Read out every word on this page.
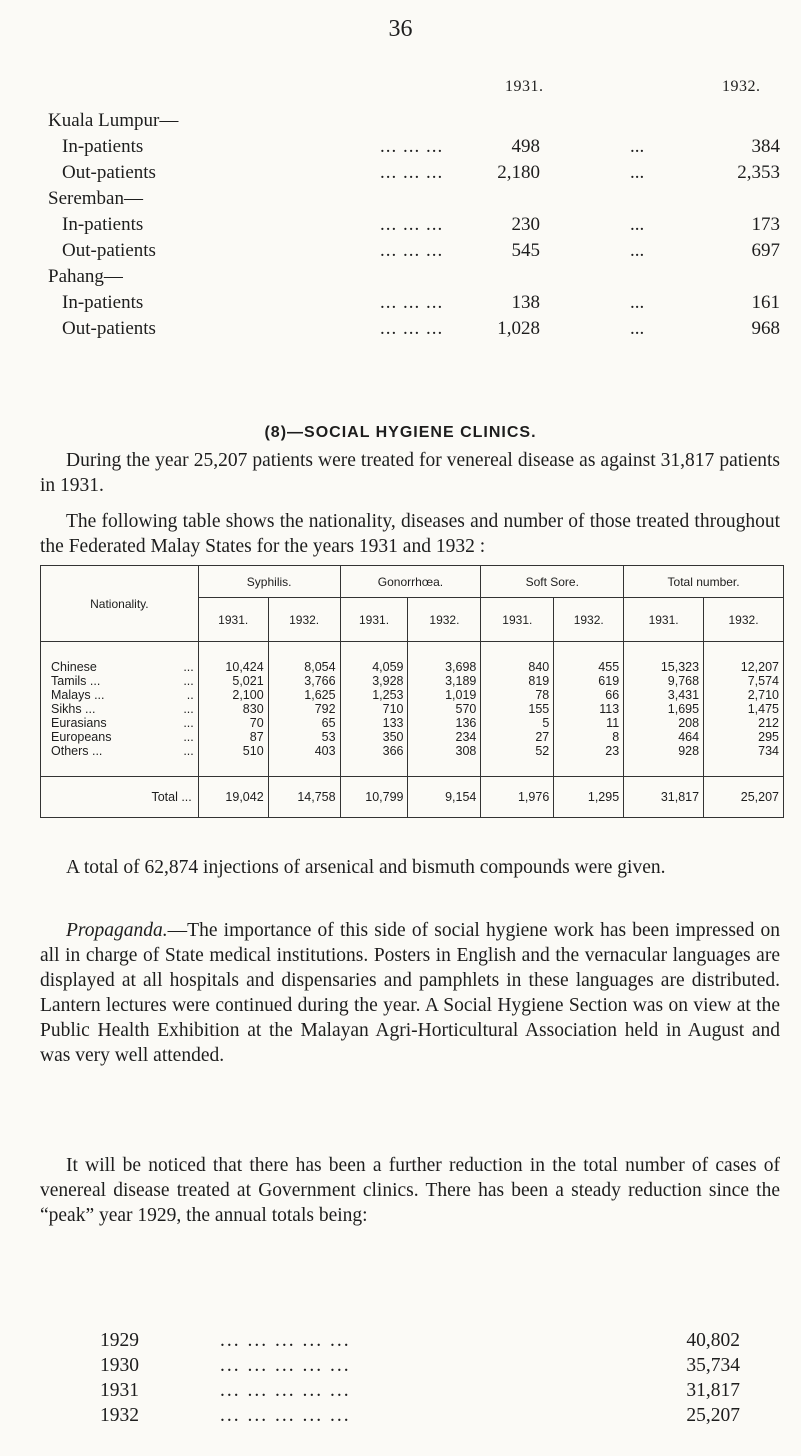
36
1931.	1932.
Kuala Lumpur—
In-patients	... ... ...	498	...	384
Out-patients	... ... ...	2,180	...	2,353
Seremban—
In-patients	... ... ...	230	...	173
Out-patients	... ... ...	545	...	697
Pahang—
In-patients	... ... ...	138	...	161
Out-patients	... ... ...	1,028	...	968
(8)—SOCIAL HYGIENE CLINICS.

During the year 25,207 patients were treated for venereal disease as against 31,817 patients in 1931.

The following table shows the nationality, diseases and number of those treated throughout the Federated Malay States for the years 1931 and 1932 :

Nationality.	Syphilis.		Gonorrhœa.		Soft Sore.		Total number.	
	1931.	1932.	1931.	1932.	1931.	1932.	1931.	1932.

Chinese ...	10,424	8,054	4,059	3,698	840	455	15,323	12,207
Tamils ... ...	5,021	3,766	3,928	3,189	819	619	9,768	7,574
Malays ... ..	2,100	1,625	1,253	1,019	78	66	3,431	2,710
Sikhs ... ...	830	792	710	570	155	113	1,695	1,475
Eurasians ...	70	65	133	136	5	11	208	212
Europeans ...	87	53	350	234	27	8	464	295
Others ... ...	510	403	366	308	52	23	928	734

Total ...	19,042	14,758	10,799	9,154	1,976	1,295	31,817	25,207

A total of 62,874 injections of arsenical and bismuth compounds were given.

Propaganda.—The importance of this side of social hygiene work has been impressed on all in charge of State medical institutions. Posters in English and the vernacular languages are displayed at all hospitals and dispensaries and pamphlets in these languages are distributed. Lantern lectures were continued during the year. A Social Hygiene Section was on view at the Public Health Exhibition at the Malayan Agri-Horticultural Association held in August and was very well attended.

It will be noticed that there has been a further reduction in the total number of cases of venereal disease treated at Government clinics. There has been a steady reduction since the “peak” year 1929, the annual totals being:

1929	... ... ... ... ...	40,802
1930	... ... ... ... ...	35,734
1931	... ... ... ... ...	31,817
1932	... ... ... ... ...	25,207
